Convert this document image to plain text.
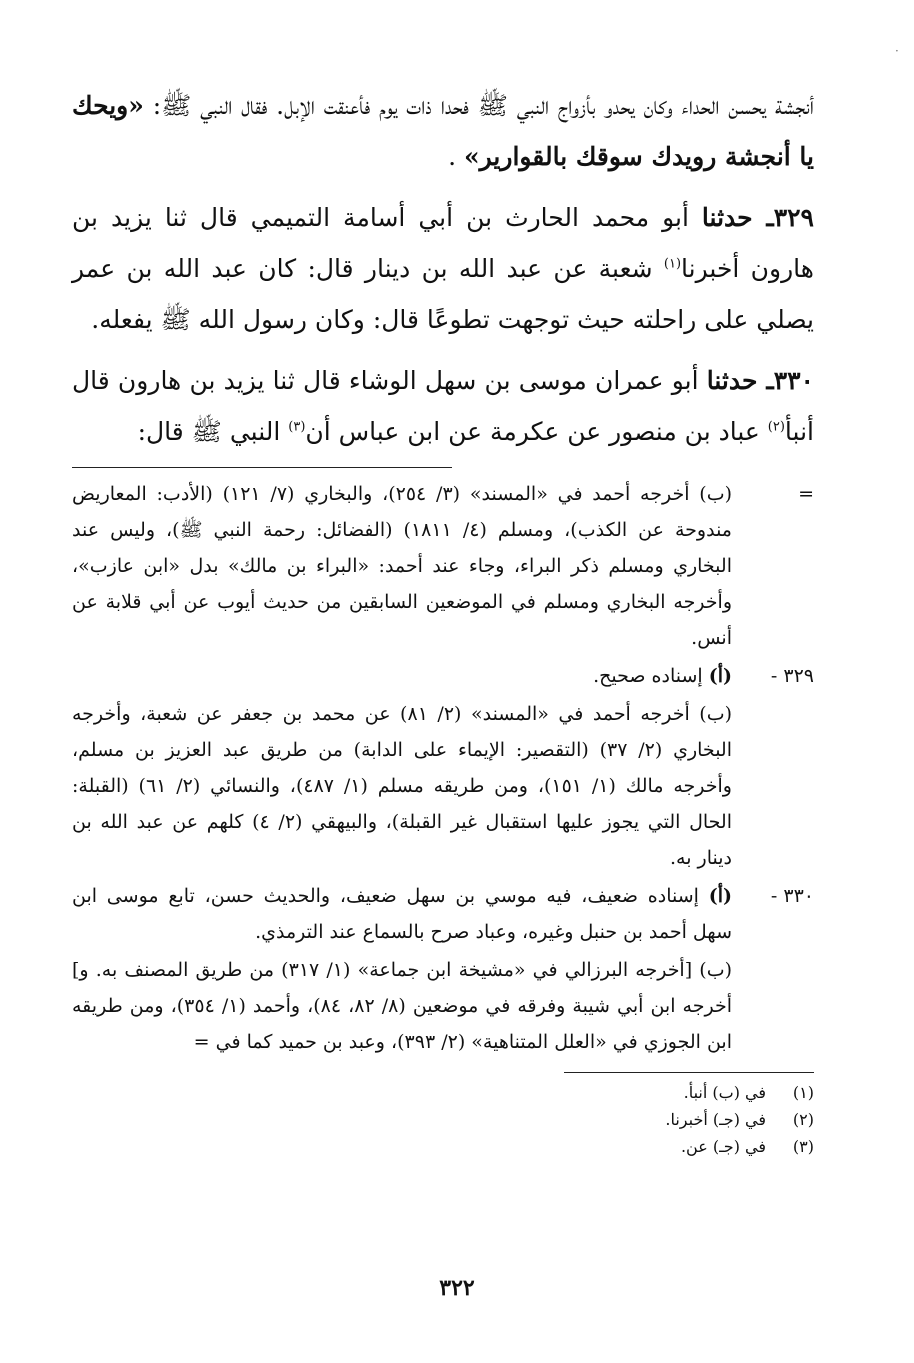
·

أنجشة يحسن الحداء وكان يحدو بأزواج النبي ﷺ فحدا ذات يوم فأعنقت الإبل. فقال النبي ﷺ: «ويحك يا أنجشة رويدك سوقك بالقوارير» .

٣٢٩ـ حدثنا أبو محمد الحارث بن أبي أسامة التميمي قال ثنا يزيد بن هارون أخبرنا$^{(١)}$ شعبة عن عبد الله بن دينار قال: كان عبد الله بن عمر يصلي على راحلته حيث توجهت تطوعًا قال: وكان رسول الله ﷺ يفعله.

٣٣٠ـ حدثنا أبو عمران موسى بن سهل الوشاء قال ثنا يزيد بن هارون قال أنبأ$^{(٢)}$ عباد بن منصور عن عكرمة عن ابن عباس أن$^{(٣)}$ النبي ﷺ قال:

=
(ب) أخرجه أحمد في «المسند» (٣/ ٢٥٤)، والبخاري (٧/ ١٢١) (الأدب: المعاريض مندوحة عن الكذب)، ومسلم (٤/ ١٨١١) (الفضائل: رحمة النبي ﷺ)، وليس عند البخاري ومسلم ذكر البراء، وجاء عند أحمد: «البراء بن مالك» بدل «ابن عازب»، وأخرجه البخاري ومسلم في الموضعين السابقين من حديث أيوب عن أبي قلابة عن أنس.
٣٢٩ -
(أ) إسناده صحيح.
(ب) أخرجه أحمد في «المسند» (٢/ ٨١) عن محمد بن جعفر عن شعبة، وأخرجه البخاري (٢/ ٣٧) (التقصير: الإيماء على الدابة) من طريق عبد العزيز بن مسلم، وأخرجه مالك (١/ ١٥١)، ومن طريقه مسلم (١/ ٤٨٧)، والنسائي (٢/ ٦١) (القبلة: الحال التي يجوز عليها استقبال غير القبلة)، والبيهقي (٢/ ٤) كلهم عن عبد الله بن دينار به.
٣٣٠ -
(أ) إسناده ضعيف، فيه موسي بن سهل ضعيف، والحديث حسن، تابع موسى ابن سهل أحمد بن حنبل وغيره، وعباد صرح بالسماع عند الترمذي.
(ب) [أخرجه البرزالي في «مشيخة ابن جماعة» (١/ ٣١٧) من طريق المصنف به. و] أخرجه ابن أبي شيبة وفرقه في موضعين (٨/ ٨٢، ٨٤)، وأحمد (١/ ٣٥٤)، ومن طريقه ابن الجوزي في «العلل المتناهية» (٢/ ٣٩٣)، وعبد بن حميد كما في =
(١)
في (ب) أنبأ.
(٢)
في (جـ) أخبرنا.
(٣)
في (جـ) عن.
٣٢٢
